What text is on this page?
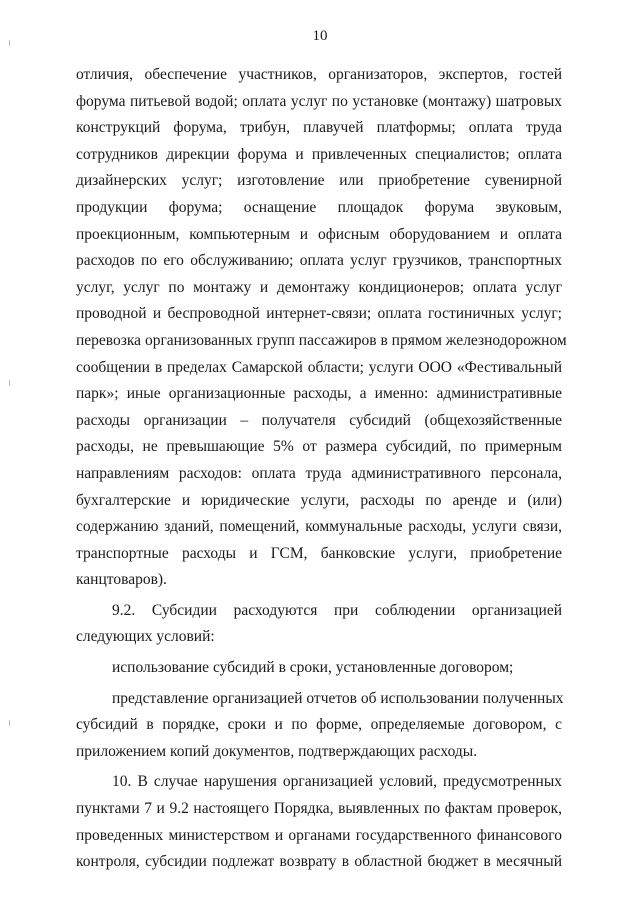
10
отличия, обеспечение участников, организаторов, экспертов, гостей
форума питьевой водой; оплата услуг по установке (монтажу) шатровых
конструкций форума, трибун, плавучей платформы; оплата труда
сотрудников дирекции форума и привлеченных специалистов; оплата
дизайнерских услуг; изготовление или приобретение сувенирной
продукции форума; оснащение площадок форума звуковым,
проекционным, компьютерным и офисным оборудованием и оплата
расходов по его обслуживанию; оплата услуг грузчиков, транспортных
услуг, услуг по монтажу и демонтажу кондиционеров; оплата услуг
проводной и беспроводной интернет-связи; оплата гостиничных услуг;
перевозка организованных групп пассажиров в прямом железнодорожном
сообщении в пределах Самарской области; услуги ООО «Фестивальный
парк»; иные организационные расходы, а именно: административные
расходы организации – получателя субсидий (общехозяйственные
расходы, не превышающие 5% от размера субсидий, по примерным
направлениям расходов: оплата труда административного персонала,
бухгалтерские и юридические услуги, расходы по аренде и (или)
содержанию зданий, помещений, коммунальные расходы, услуги связи,
транспортные расходы и ГСМ, банковские услуги, приобретение
канцтоваров).
9.2. Субсидии расходуются при соблюдении организацией
следующих условий:
использование субсидий в сроки, установленные договором;
представление организацией отчетов об использовании полученных
субсидий в порядке, сроки и по форме, определяемые договором, с
приложением копий документов, подтверждающих расходы.
10. В случае нарушения организацией условий, предусмотренных
пунктами 7 и 9.2 настоящего Порядка, выявленных по фактам проверок,
проведенных министерством и органами государственного финансового
контроля, субсидии подлежат возврату в областной бюджет в месячный
